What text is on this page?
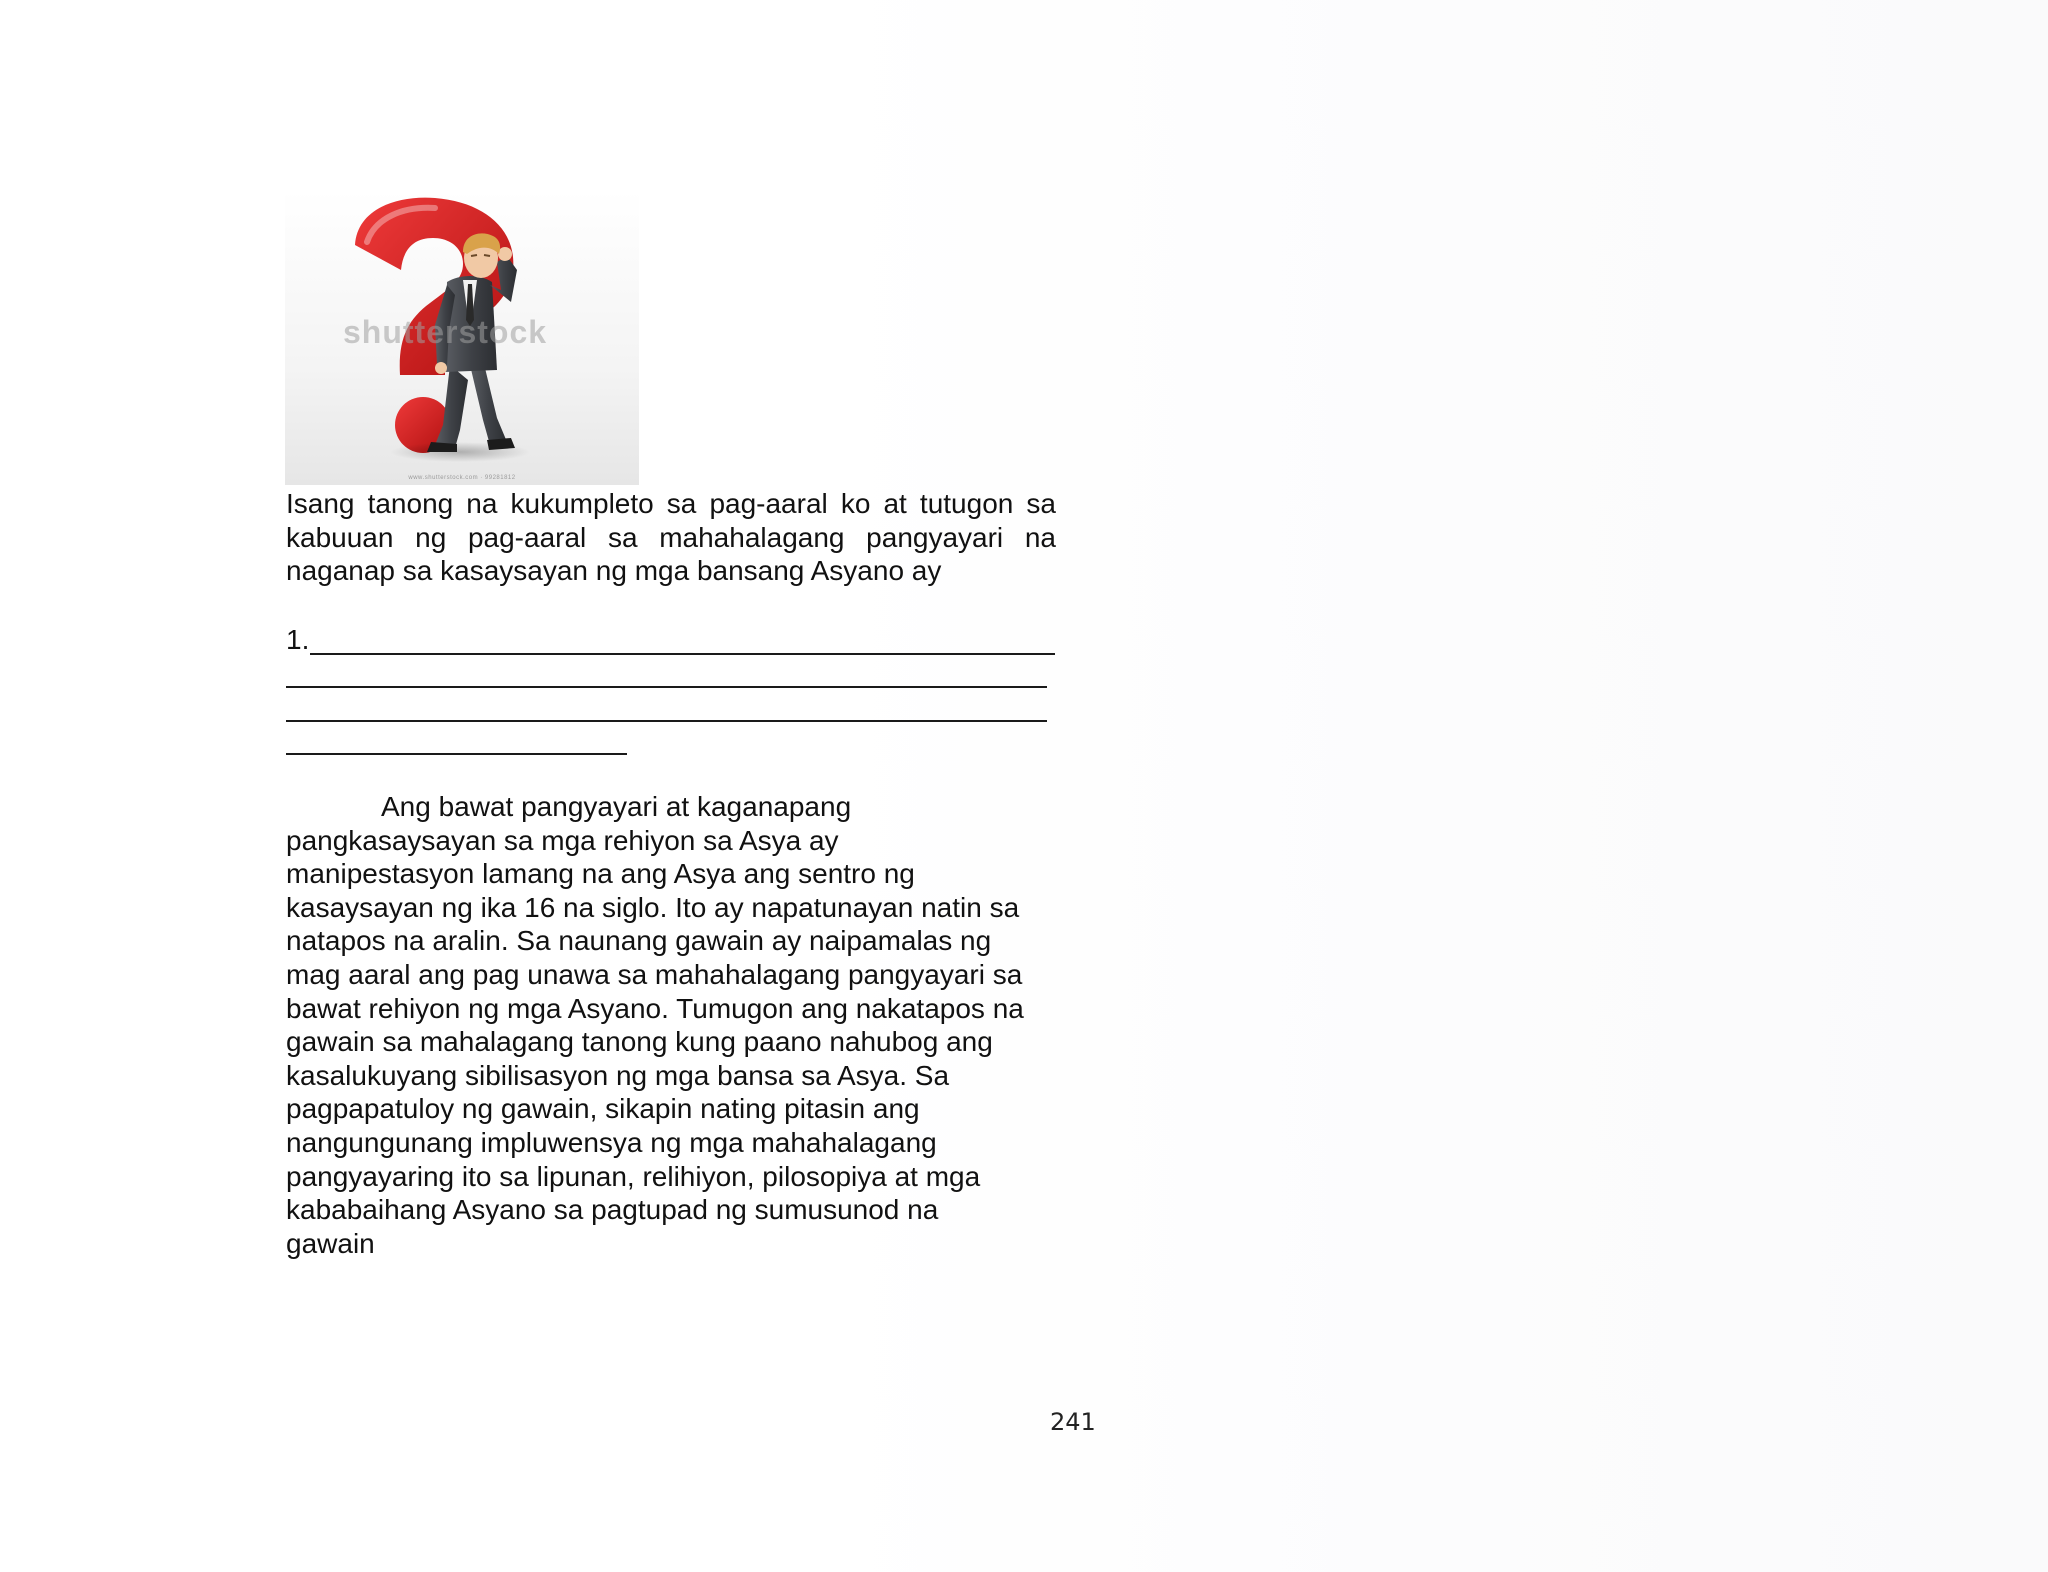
shutterstock
www.shutterstock.com · 99281812
Isang tanong na kukumpleto sa pag-aaral ko at tutugon sa
kabuuan ng pag-aaral sa mahahalagang pangyayari na
naganap sa kasaysayan ng mga bansang Asyano ay
1.
Ang bawat pangyayari at kaganapang
pangkasaysayan sa mga rehiyon sa Asya ay
manipestasyon lamang na ang Asya ang sentro ng
kasaysayan ng ika 16 na siglo. Ito ay napatunayan natin sa
natapos na aralin. Sa naunang gawain ay naipamalas ng
mag aaral ang pag unawa sa mahahalagang pangyayari sa
bawat rehiyon ng mga Asyano. Tumugon ang nakatapos na
gawain sa mahalagang tanong kung paano nahubog ang
kasalukuyang sibilisasyon ng mga bansa sa Asya. Sa
pagpapatuloy ng gawain, sikapin nating pitasin ang
nangungunang impluwensya ng mga mahahalagang
pangyayaring ito sa lipunan, relihiyon, pilosopiya at mga
kababaihang Asyano sa pagtupad ng sumusunod na
gawain
241
